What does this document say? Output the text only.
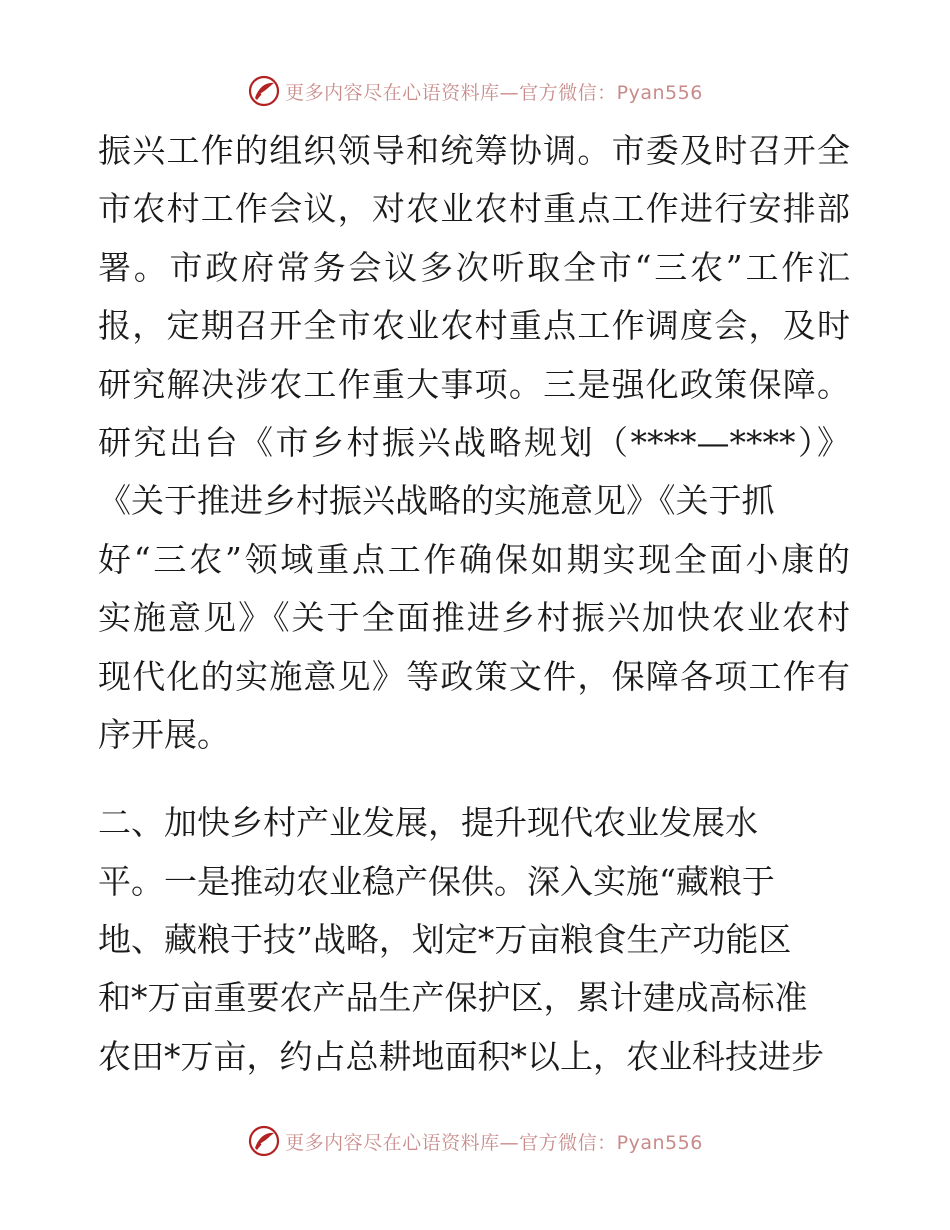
更多内容尽在心语资料库—官方微信：Pyan556
振兴工作的组织领导和统筹协调。市委及时召开全
市农村工作会议，对农业农村重点工作进行安排部
署。市政府常务会议多次听取全市“三农”工作汇
报，定期召开全市农业农村重点工作调度会，及时
研究解决涉农工作重大事项。三是强化政策保障。
研究出台《市乡村振兴战略规划（****—****）》
《关于推进乡村振兴战略的实施意见》《关于抓
好“三农”领域重点工作确保如期实现全面小康的
实施意见》《关于全面推进乡村振兴加快农业农村
现代化的实施意见》等政策文件，保障各项工作有
序开展。
二、加快乡村产业发展，提升现代农业发展水
平。一是推动农业稳产保供。深入实施“藏粮于
地、藏粮于技”战略，划定*万亩粮食生产功能区
和*万亩重要农产品生产保护区，累计建成高标准
农田*万亩，约占总耕地面积*以上，农业科技进步
更多内容尽在心语资料库—官方微信：Pyan556
